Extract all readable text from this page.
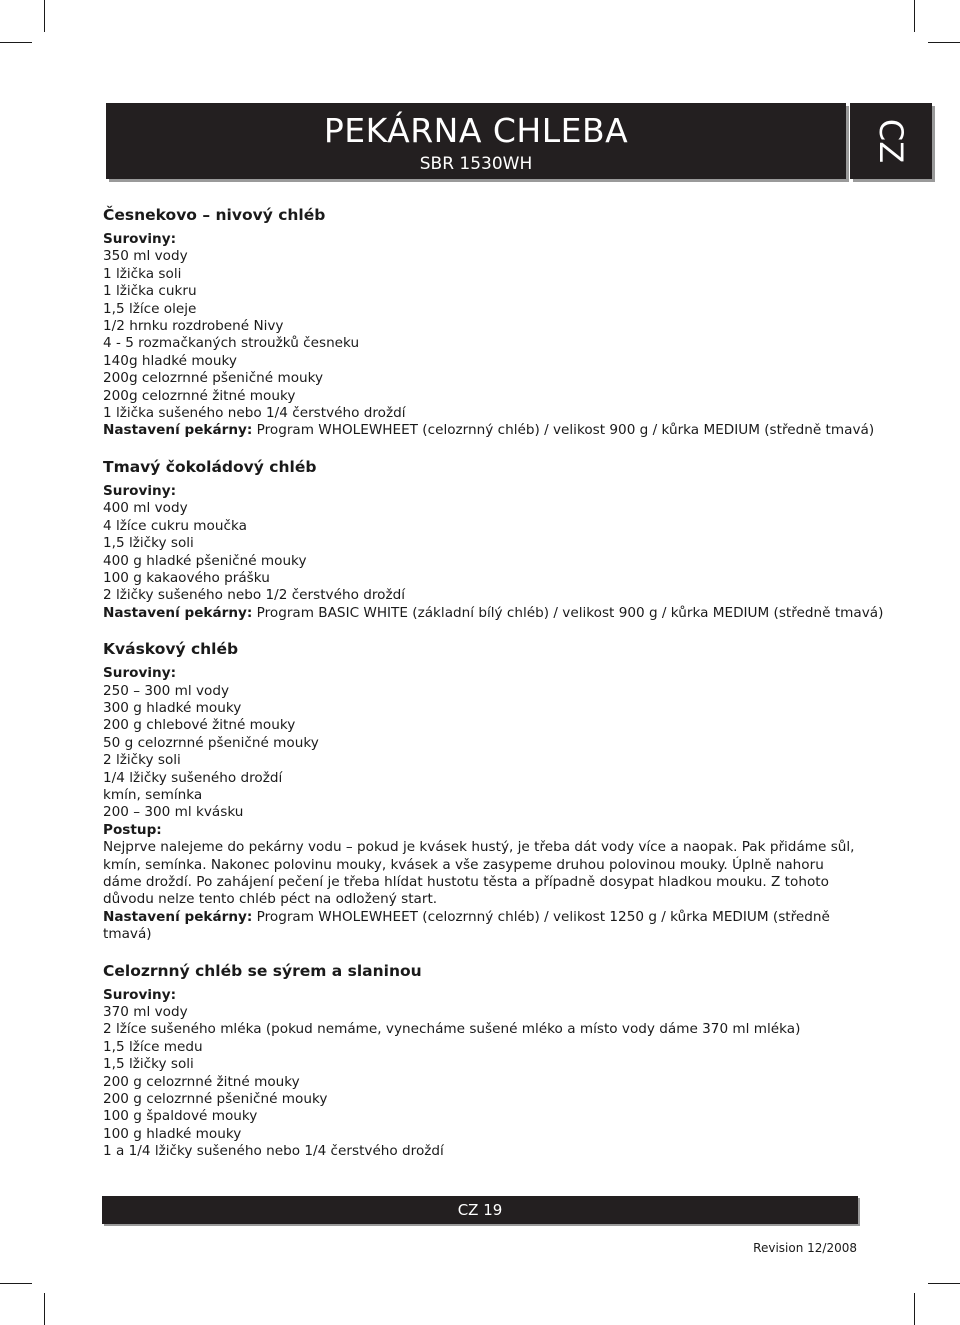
PEKÁRNA CHLEBA
SBR 1530WH
CZ
Česnekovo – nivový chléb
Suroviny:
350 ml vody
1 lžička soli
1 lžička cukru
1,5 lžíce oleje
1/2 hrnku rozdrobené Nivy
4 - 5 rozmačkaných stroužků česneku
140g hladké mouky
200g celozrnné pšeničné mouky
200g celozrnné žitné mouky
1 lžička sušeného nebo 1/4 čerstvého droždí
Nastavení pekárny: Program WHOLEWHEET (celozrnný chléb) / velikost 900 g / kůrka MEDIUM (středně tmavá)
Tmavý čokoládový chléb
Suroviny:
400 ml vody
4 lžíce cukru moučka
1,5 lžičky soli
400 g hladké pšeničné mouky
100 g kakaového prášku
2 lžičky sušeného nebo 1/2 čerstvého droždí
Nastavení pekárny: Program BASIC WHITE (základní bílý chléb) / velikost 900 g / kůrka MEDIUM (středně tmavá)
Kváskový chléb
Suroviny:
250 – 300 ml vody
300 g hladké mouky
200 g chlebové žitné mouky
50 g celozrnné pšeničné mouky
2 lžičky soli
1/4 lžičky sušeného droždí
kmín, semínka
200 – 300 ml kvásku
Postup:
Nejprve nalejeme do pekárny vodu – pokud je kvásek hustý, je třeba dát vody více a naopak. Pak přidáme sůl, kmín, semínka. Nakonec polovinu mouky, kvásek a vše zasypeme druhou polovinou mouky. Úplně nahoru dáme droždí. Po zahájení pečení je třeba hlídat hustotu těsta a případně dosypat hladkou mouku. Z tohoto důvodu nelze tento chléb péct na odložený start.
Nastavení pekárny: Program WHOLEWHEET (celozrnný chléb) / velikost 1250 g / kůrka MEDIUM (středně tmavá)
Celozrnný chléb se sýrem a slaninou
Suroviny:
370 ml vody
2 lžíce sušeného mléka (pokud nemáme, vynecháme sušené mléko a místo vody dáme 370 ml mléka)
1,5 lžíce medu
1,5 lžičky soli
200 g celozrnné žitné mouky
200 g celozrnné pšeničné mouky
100 g špaldové mouky
100 g hladké mouky
1 a 1/4 lžičky sušeného nebo 1/4 čerstvého droždí
CZ 19
Revision 12/2008
